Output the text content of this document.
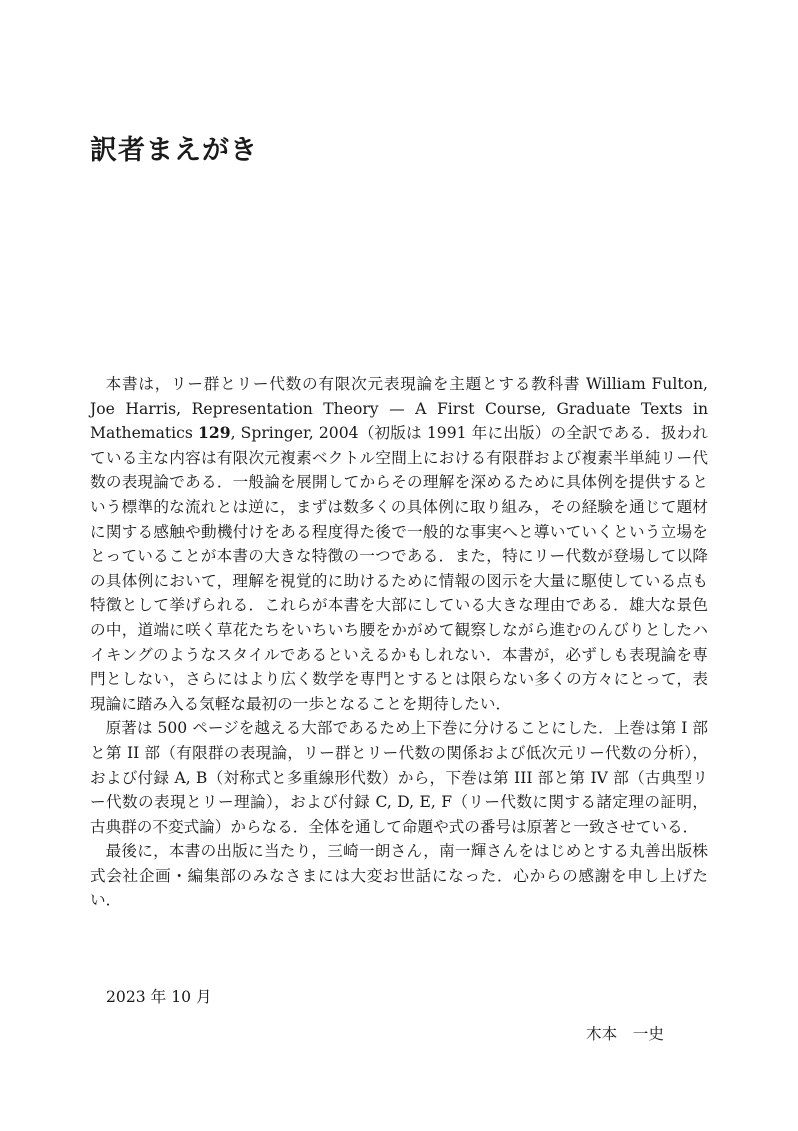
訳者まえがき

本書は，リー群とリー代数の有限次元表現論を主題とする教科書 William Fulton, Joe Harris, Representation Theory — A First Course, Graduate Texts in Mathematics 129, Springer, 2004（初版は 1991 年に出版）の全訳である．扱われている主な内容は有限次元複素ベクトル空間上における有限群および複素半単純リー代数の表現論である．一般論を展開してからその理解を深めるために具体例を提供するという標準的な流れとは逆に，まずは数多くの具体例に取り組み，その経験を通じて題材に関する感触や動機付けをある程度得た後で一般的な事実へと導いていくという立場をとっていることが本書の大きな特徴の一つである．また，特にリー代数が登場して以降の具体例において，理解を視覚的に助けるために情報の図示を大量に駆使している点も特徴として挙げられる．これらが本書を大部にしている大きな理由である．雄大な景色の中，道端に咲く草花たちをいちいち腰をかがめて観察しながら進むのんびりとしたハイキングのようなスタイルであるといえるかもしれない．本書が，必ずしも表現論を専門としない，さらにはより広く数学を専門とするとは限らない多くの方々にとって，表現論に踏み入る気軽な最初の一歩となることを期待したい．

原著は 500 ページを越える大部であるため上下巻に分けることにした．上巻は第 I 部と第 II 部（有限群の表現論，リー群とリー代数の関係および低次元リー代数の分析），および付録 A, B（対称式と多重線形代数）から，下巻は第 III 部と第 IV 部（古典型リー代数の表現とリー理論），および付録 C, D, E, F（リー代数に関する諸定理の証明，古典群の不変式論）からなる．全体を通して命題や式の番号は原著と一致させている．

最後に，本書の出版に当たり，三崎一朗さん，南一輝さんをはじめとする丸善出版株式会社企画・編集部のみなさまには大変お世話になった．心からの感謝を申し上げたい．

2023 年 10 月
木本　一史
